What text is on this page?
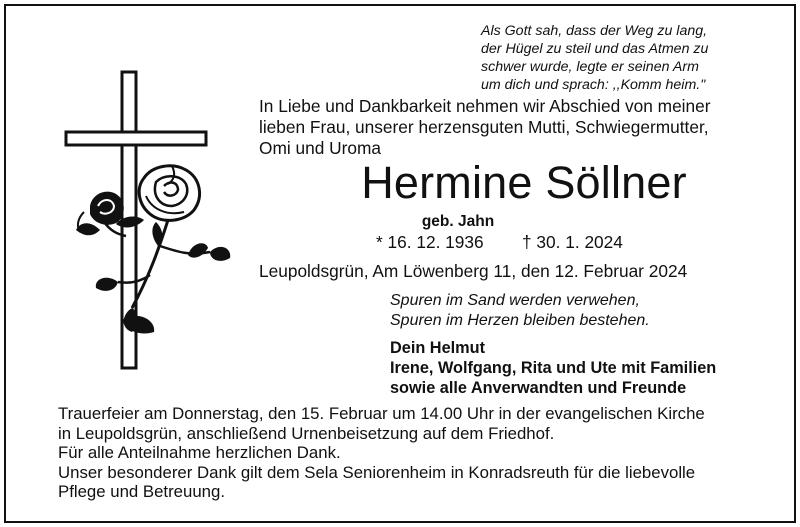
Als Gott sah, dass der Weg zu lang,
der Hügel zu steil und das Atmen zu
schwer wurde, legte er seinen Arm
um dich und sprach: ,,Komm heim."
In Liebe und Dankbarkeit nehmen wir Abschied von meiner
lieben Frau, unserer herzensguten Mutti, Schwiegermutter,
Omi und Uroma
Hermine Söllner
geb. Jahn
* 16. 12. 1936 † 30. 1. 2024
Leupoldsgrün, Am Löwenberg 11, den 12. Februar 2024
Spuren im Sand werden verwehen,
Spuren im Herzen bleiben bestehen.
Dein Helmut
Irene, Wolfgang, Rita und Ute mit Familien
sowie alle Anverwandten und Freunde
Trauerfeier am Donnerstag, den 15. Februar um 14.00 Uhr in der evangelischen Kirche
in Leupoldsgrün, anschließend Urnenbeisetzung auf dem Friedhof.
Für alle Anteilnahme herzlichen Dank.
Unser besonderer Dank gilt dem Sela Seniorenheim in Konradsreuth für die liebevolle
Pflege und Betreuung.
